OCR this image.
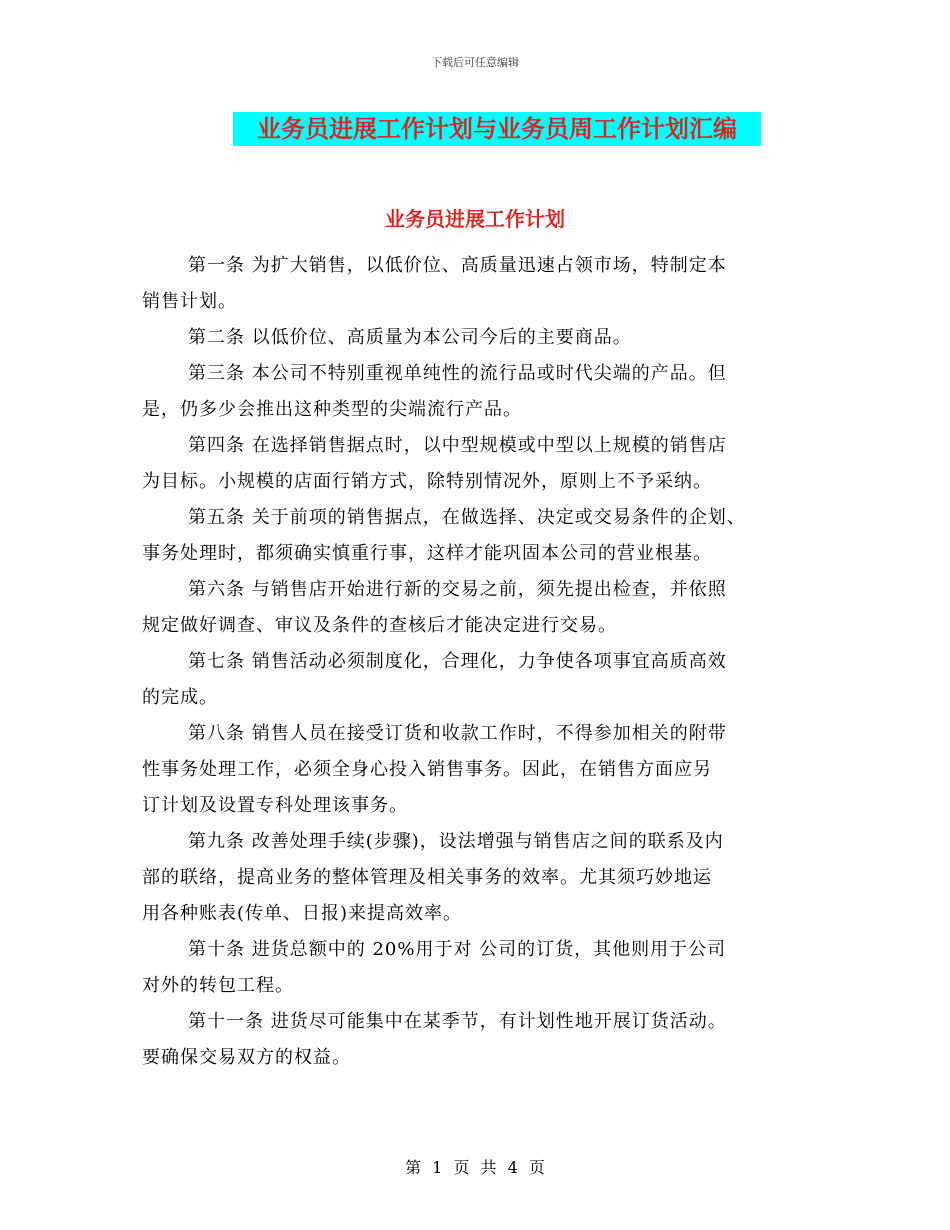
下载后可任意编辑
业务员进展工作计划与业务员周工作计划汇编
业务员进展工作计划
第一条 为扩大销售，以低价位、高质量迅速占领市场，特制定本
销售计划。
第二条 以低价位、高质量为本公司今后的主要商品。
第三条 本公司不特别重视单纯性的流行品或时代尖端的产品。但
是，仍多少会推出这种类型的尖端流行产品。
第四条 在选择销售据点时，以中型规模或中型以上规模的销售店
为目标。小规模的店面行销方式，除特别情况外，原则上不予采纳。
第五条 关于前项的销售据点，在做选择、决定或交易条件的企划、
事务处理时，都须确实慎重行事，这样才能巩固本公司的营业根基。
第六条 与销售店开始进行新的交易之前，须先提出检查，并依照
规定做好调查、审议及条件的查核后才能决定进行交易。
第七条 销售活动必须制度化，合理化，力争使各项事宜高质高效
的完成。
第八条 销售人员在接受订货和收款工作时，不得参加相关的附带
性事务处理工作，必须全身心投入销售事务。因此，在销售方面应另
订计划及设置专科处理该事务。
第九条 改善处理手续(步骤)，设法增强与销售店之间的联系及内
部的联络，提高业务的整体管理及相关事务的效率。尤其须巧妙地运
用各种账表(传单、日报)来提高效率。
第十条 进货总额中的 20%用于对 公司的订货，其他则用于公司
对外的转包工程。
第十一条 进货尽可能集中在某季节，有计划性地开展订货活动。
要确保交易双方的权益。
第 1 页 共 4 页
